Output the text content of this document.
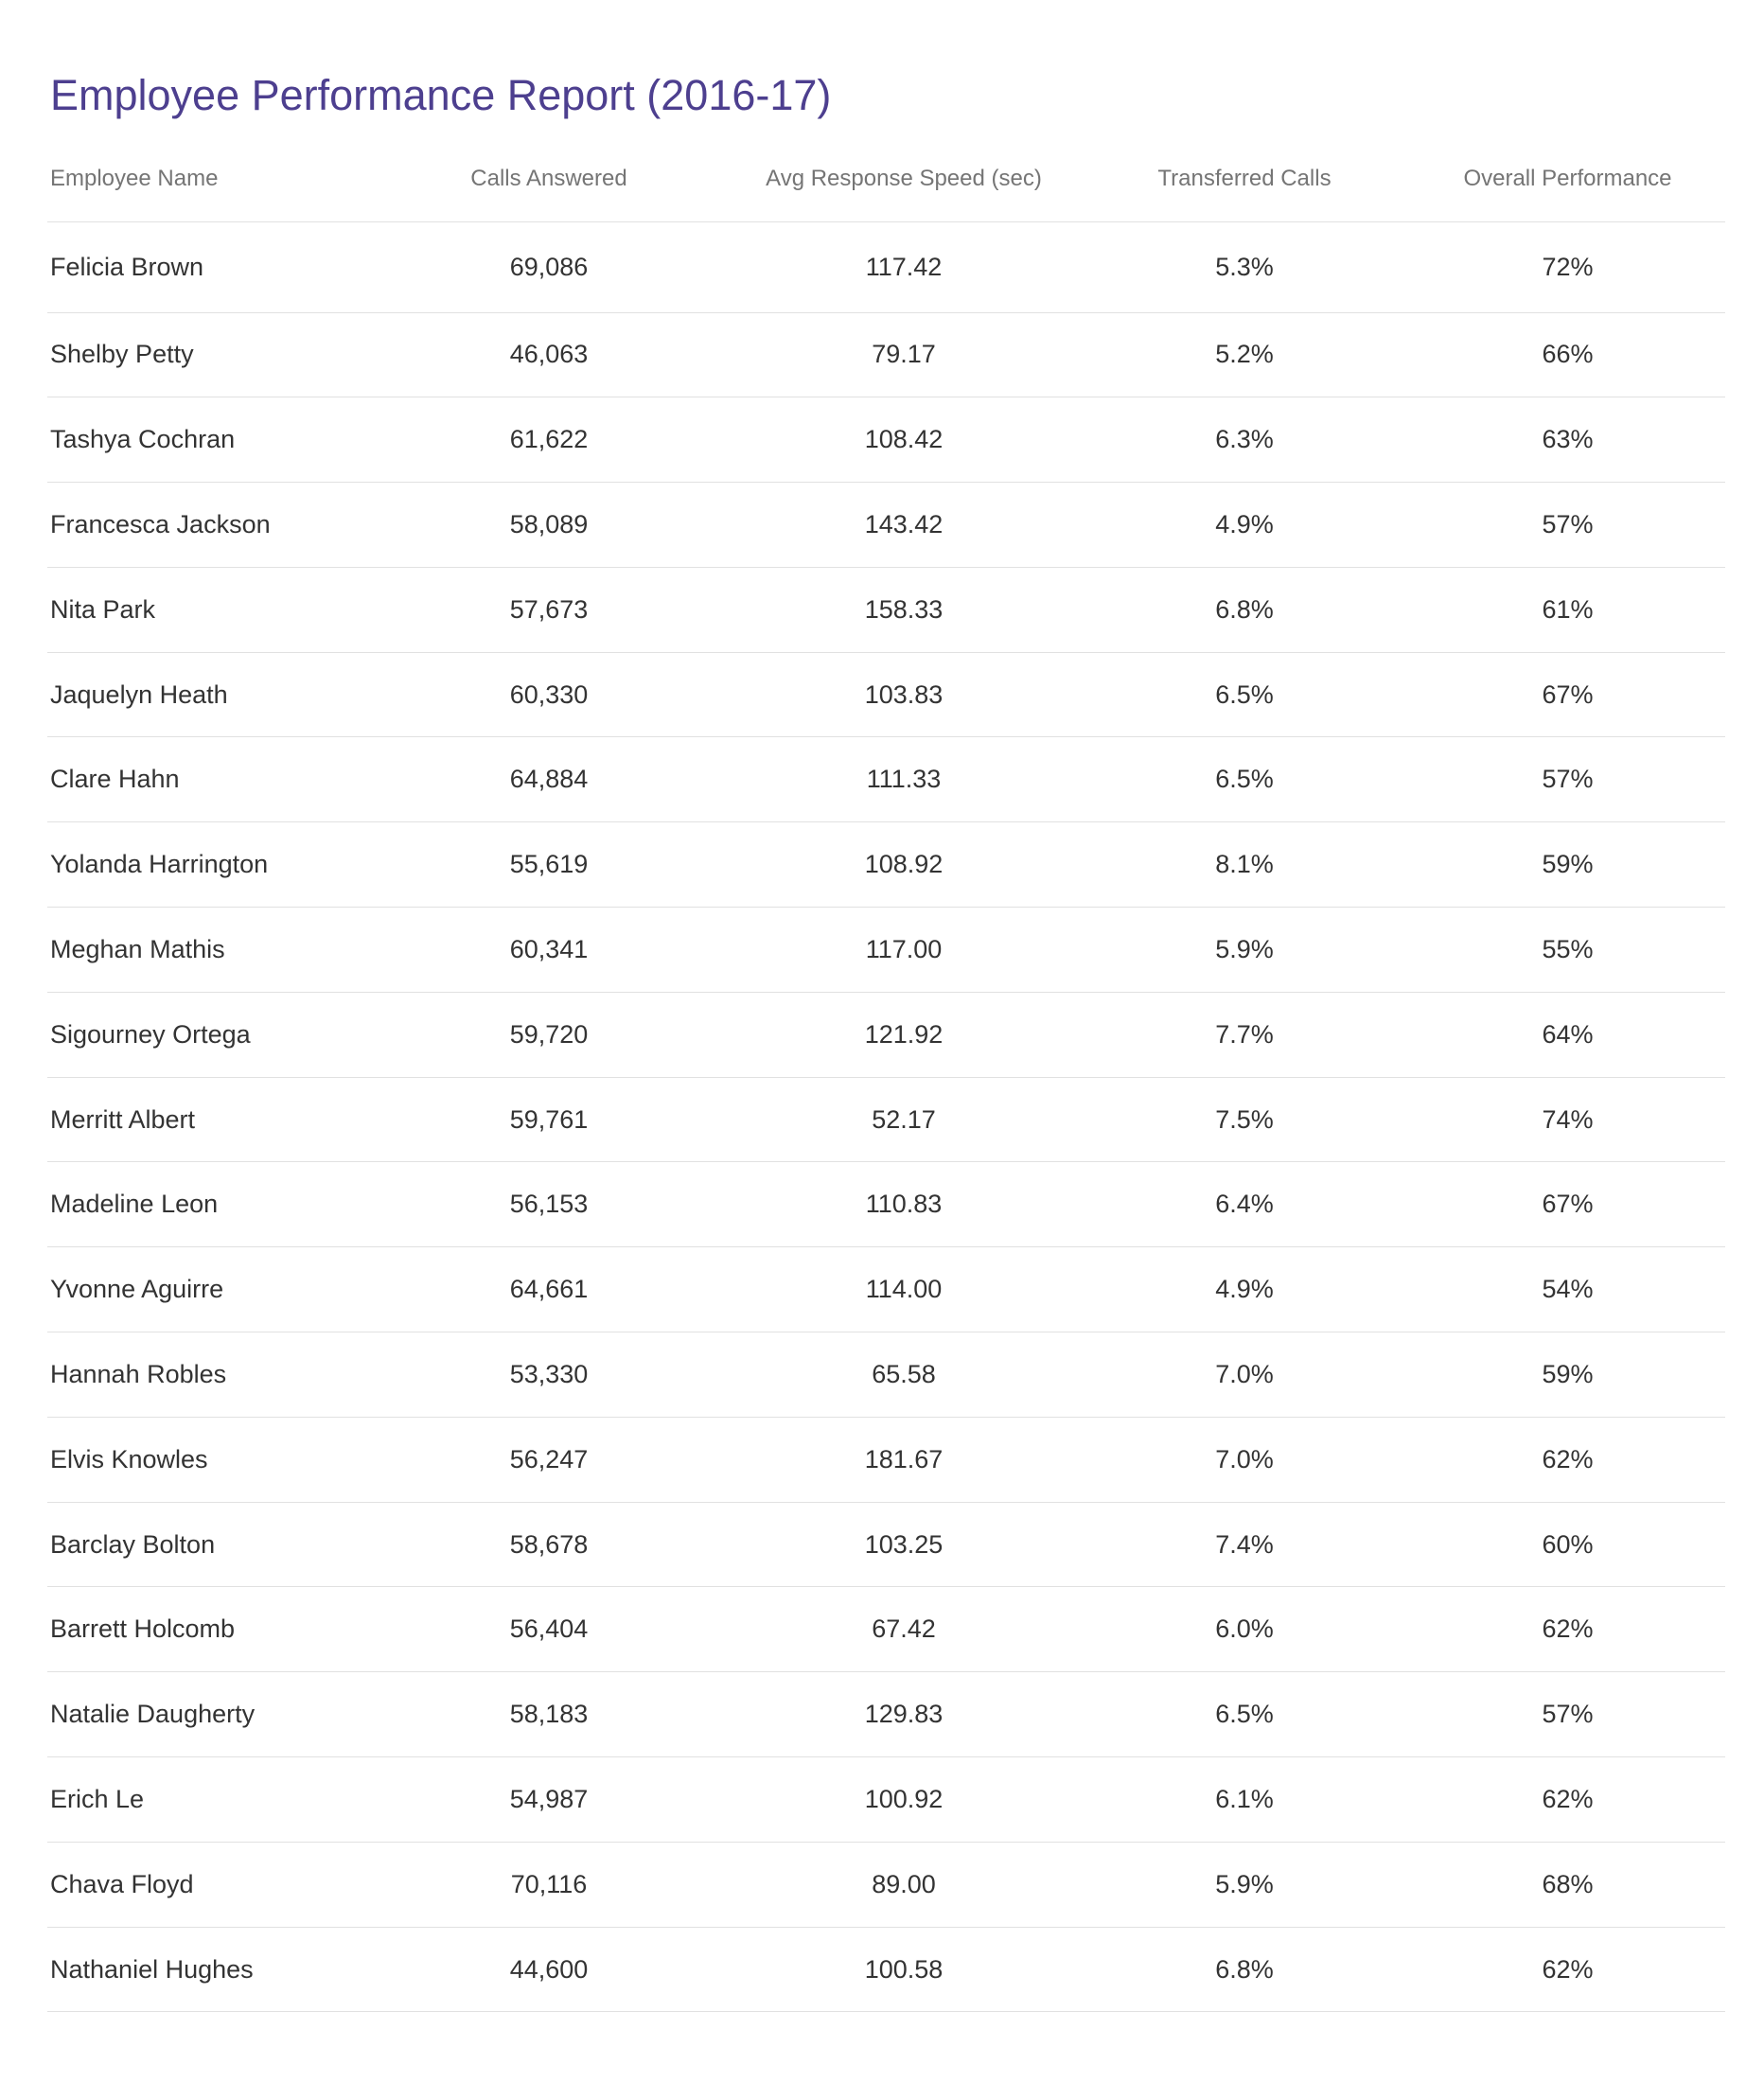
Employee Performance Report (2016-17)
Employee Name	Calls Answered	Avg Response Speed (sec)	Transferred Calls	Overall Performance
Felicia Brown	69,086	117.42	5.3%	72%
Shelby Petty	46,063	79.17	5.2%	66%
Tashya Cochran	61,622	108.42	6.3%	63%
Francesca Jackson	58,089	143.42	4.9%	57%
Nita Park	57,673	158.33	6.8%	61%
Jaquelyn Heath	60,330	103.83	6.5%	67%
Clare Hahn	64,884	111.33	6.5%	57%
Yolanda Harrington	55,619	108.92	8.1%	59%
Meghan Mathis	60,341	117.00	5.9%	55%
Sigourney Ortega	59,720	121.92	7.7%	64%
Merritt Albert	59,761	52.17	7.5%	74%
Madeline Leon	56,153	110.83	6.4%	67%
Yvonne Aguirre	64,661	114.00	4.9%	54%
Hannah Robles	53,330	65.58	7.0%	59%
Elvis Knowles	56,247	181.67	7.0%	62%
Barclay Bolton	58,678	103.25	7.4%	60%
Barrett Holcomb	56,404	67.42	6.0%	62%
Natalie Daugherty	58,183	129.83	6.5%	57%
Erich Le	54,987	100.92	6.1%	62%
Chava Floyd	70,116	89.00	5.9%	68%
Nathaniel Hughes	44,600	100.58	6.8%	62%
